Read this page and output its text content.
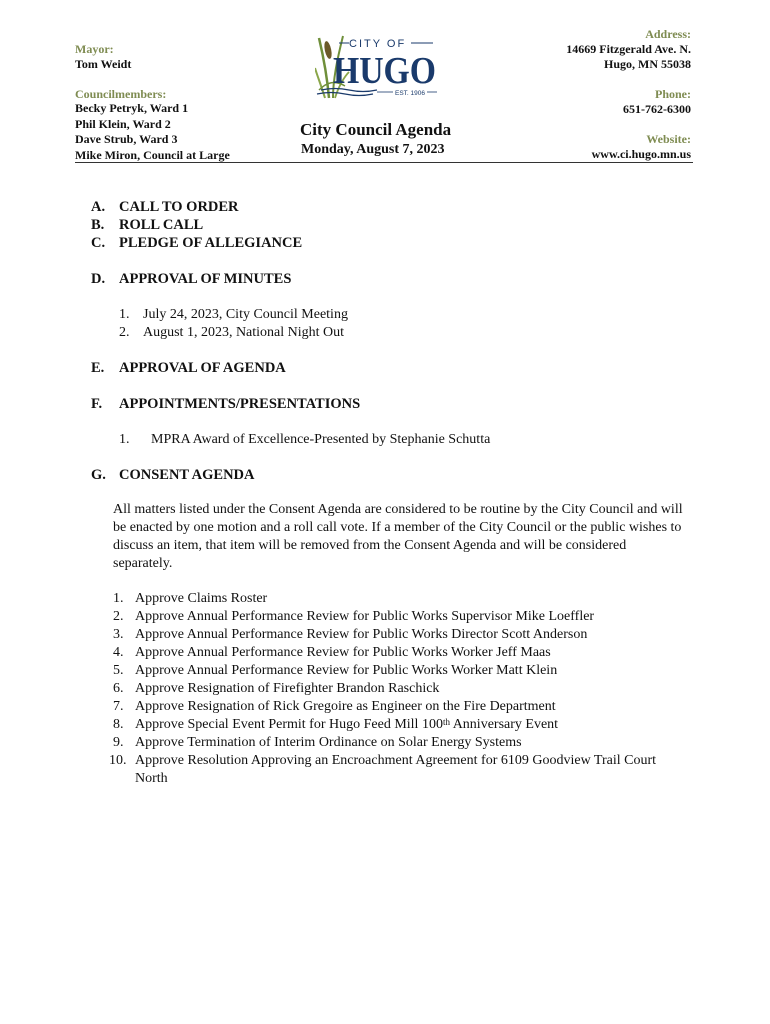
Mayor:
Tom Weidt
Councilmembers:
Becky Petryk, Ward 1
Phil Klein, Ward 2
Dave Strub, Ward 3
Mike Miron, Council at Large
CITY OF
HUGO
EST. 1906
City Council Agenda
Monday, August 7, 2023
Address:
14669 Fitzgerald Ave. N.
Hugo, MN 55038
Phone:
651-762-6300
Website:
www.ci.hugo.mn.us
A. CALL TO ORDER
B. ROLL CALL
C. PLEDGE OF ALLEGIANCE
D. APPROVAL OF MINUTES
1. July 24, 2023, City Council Meeting
2. August 1, 2023, National Night Out
E. APPROVAL OF AGENDA
F. APPOINTMENTS/PRESENTATIONS
1. MPRA Award of Excellence-Presented by Stephanie Schutta
G. CONSENT AGENDA
All matters listed under the Consent Agenda are considered to be routine by the City Council and will be enacted by one motion and a roll call vote. If a member of the City Council or the public wishes to discuss an item, that item will be removed from the Consent Agenda and will be considered separately.
1. Approve Claims Roster
2. Approve Annual Performance Review for Public Works Supervisor Mike Loeffler
3. Approve Annual Performance Review for Public Works Director Scott Anderson
4. Approve Annual Performance Review for Public Works Worker Jeff Maas
5. Approve Annual Performance Review for Public Works Worker Matt Klein
6. Approve Resignation of Firefighter Brandon Raschick
7. Approve Resignation of Rick Gregoire as Engineer on the Fire Department
8. Approve Special Event Permit for Hugo Feed Mill 100th Anniversary Event
9. Approve Termination of Interim Ordinance on Solar Energy Systems
10. Approve Resolution Approving an Encroachment Agreement for 6109 Goodview Trail Court North
